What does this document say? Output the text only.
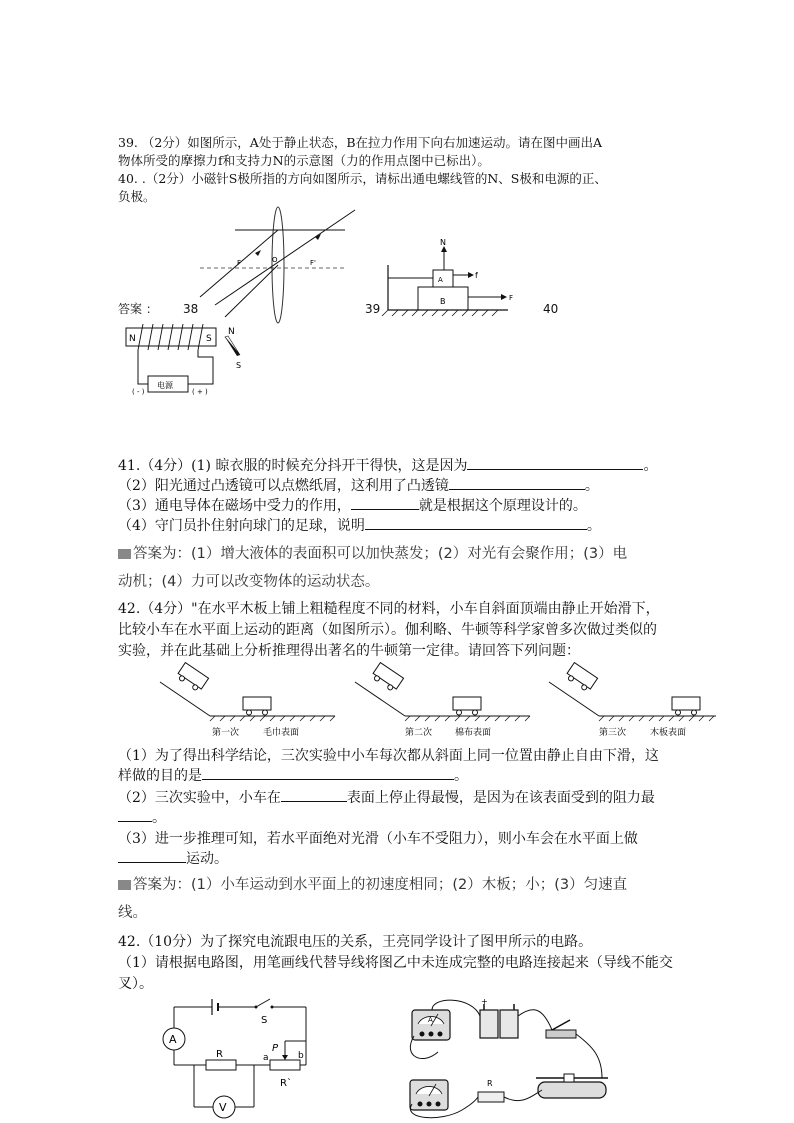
39. （2分）如图所示，A处于静止状态，B在拉力作用下向右加速运动。请在图中画出A
物体所受的摩擦力f和支持力N的示意图（力的作用点图中已标出）。
40. .（2分）小磁针S极所指的方向如图所示，请标出通电螺线管的N、S极和电源的正、
负极。
F	O	F'
N
f
F
A
B
答案 ： 38	39	40
N	S
电源
( - )	( + )
N
S
41.（4分）(1) 晾衣服的时候充分抖开干得快，这是因为	。
（2）阳光通过凸透镜可以点燃纸屑，这利用了凸透镜	。
（3）通电导体在磁场中受力的作用，	就是根据这个原理设计的。
（4）守门员扑住射向球门的足球，说明	。
答案为：(1）增大液体的表面积可以加快蒸发；(2）对光有会聚作用；(3）电
动机；(4）力可以改变物体的运动状态。
42.（4分）"在水平木板上铺上粗糙程度不同的材料，小车自斜面顶端由静止开始滑下，
比较小车在水平面上运动的距离（如图所示）。伽利略、牛顿等科学家曾多次做过类似的
实验，并在此基础上分析推理得出著名的牛顿第一定律。请回答下列问题：
第一次	毛巾表面	第二次	棉布表面	第三次	木板表面
（1）为了得出科学结论，三次实验中小车每次都从斜面上同一位置由静止自由下滑，这
样做的目的是	。
（2）三次实验中，小车在	表面上停止得最慢，是因为在该表面受到的阻力最
。
（3）进一步推理可知，若水平面绝对光滑（小车不受阻力），则小车会在水平面上做
运动。
答案为：(1）小车运动到水平面上的初速度相同；(2）木板；小；(3）匀速直
线。
42.（10分）为了探究电流跟电压的关系，王亮同学设计了图甲所示的电路。
（1）请根据电路图，用笔画线代替导线将图乙中未连成完整的电路连接起来（导线不能交
叉）。
S
A
R
P
a	b
R`
V
A
+
R
